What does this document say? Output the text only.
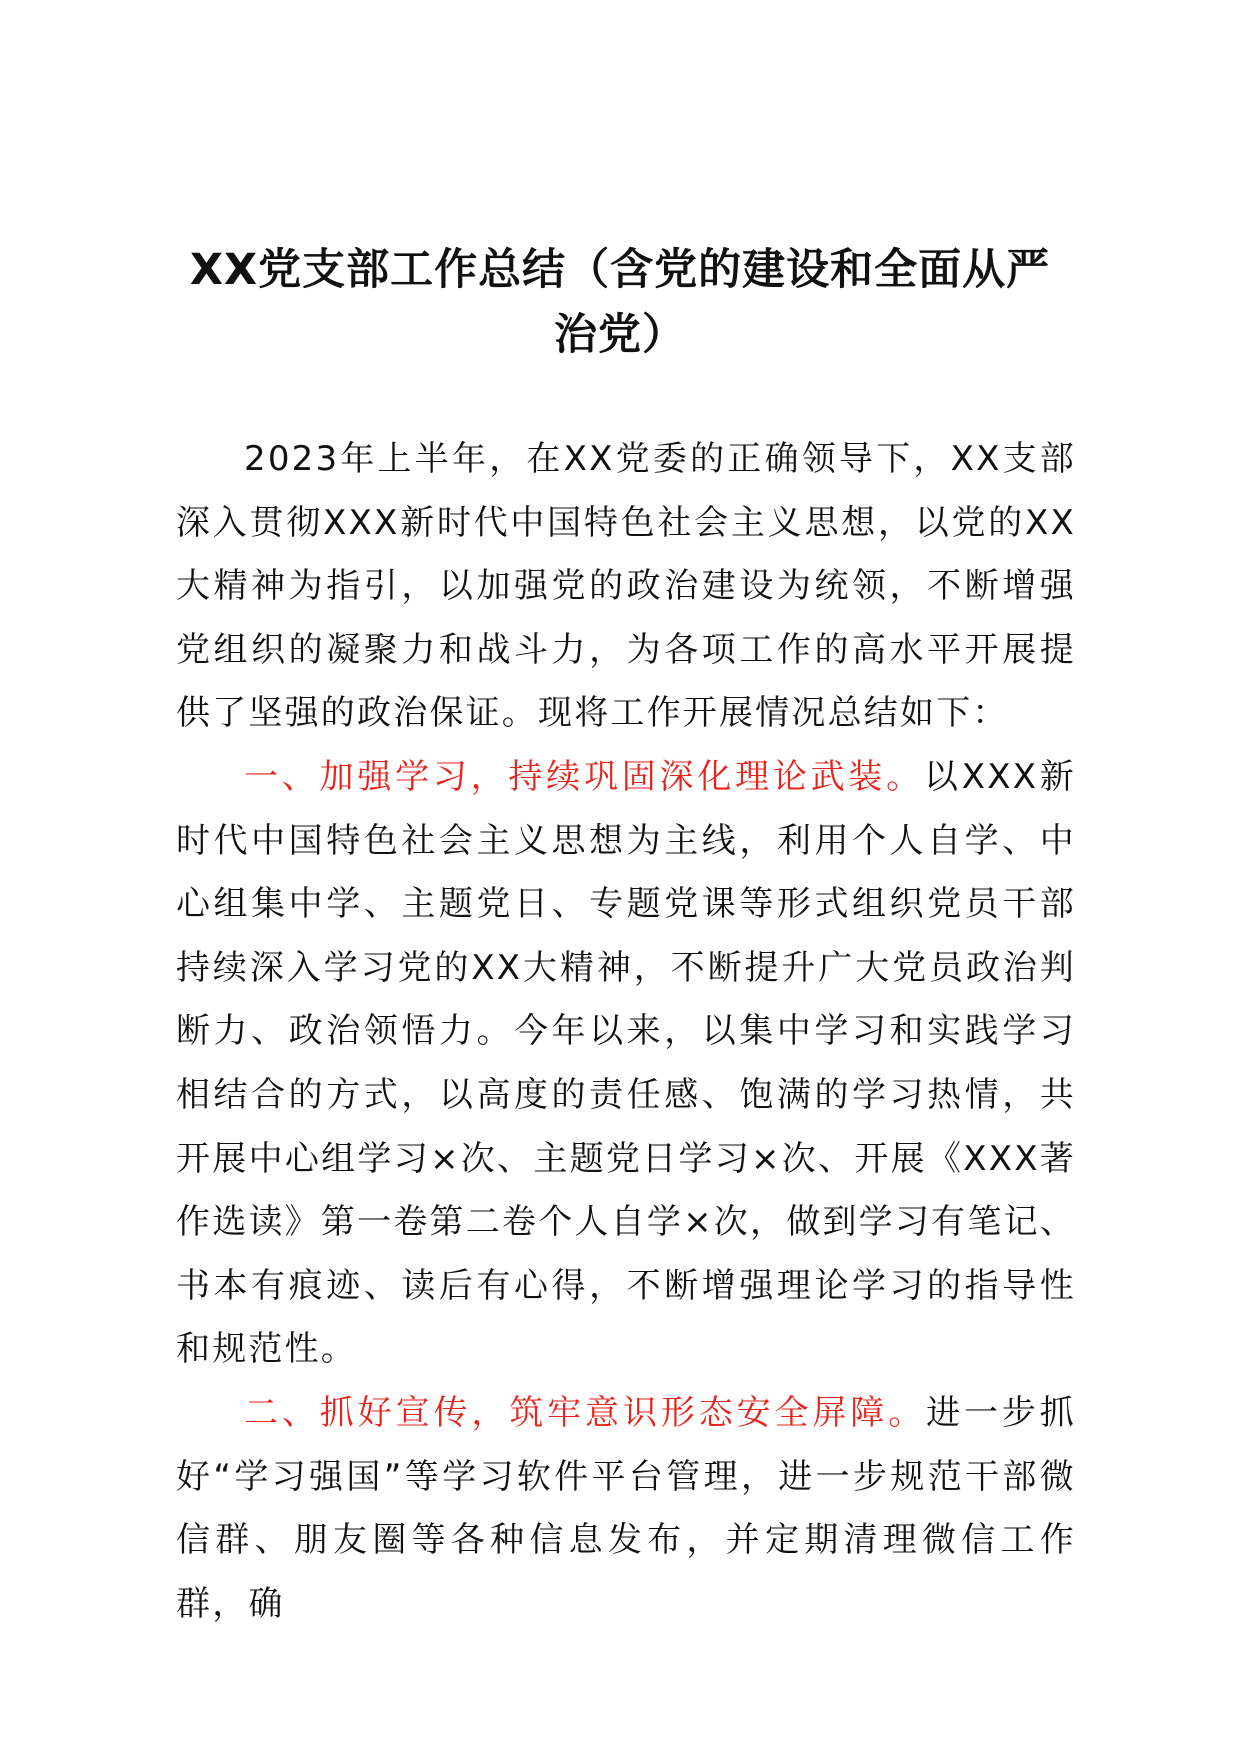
XX党支部工作总结（含党的建设和全面从严治党）

2023年上半年，在XX党委的正确领导下，XX支部深入贯彻XXX新时代中国特色社会主义思想，以党的XX大精神为指引，以加强党的政治建设为统领，不断增强党组织的凝聚力和战斗力，为各项工作的高水平开展提供了坚强的政治保证。现将工作开展情况总结如下：

一、加强学习，持续巩固深化理论武装。以XXX新时代中国特色社会主义思想为主线，利用个人自学、中心组集中学、主题党日、专题党课等形式组织党员干部持续深入学习党的XX大精神，不断提升广大党员政治判断力、政治领悟力。今年以来，以集中学习和实践学习相结合的方式，以高度的责任感、饱满的学习热情，共开展中心组学习×次、主题党日学习×次、开展《XXX著作选读》第一卷第二卷个人自学×次，做到学习有笔记、书本有痕迹、读后有心得，不断增强理论学习的指导性和规范性。

二、抓好宣传，筑牢意识形态安全屏障。进一步抓好“学习强国”等学习软件平台管理，进一步规范干部微信群、朋友圈等各种信息发布，并定期清理微信工作群，确
